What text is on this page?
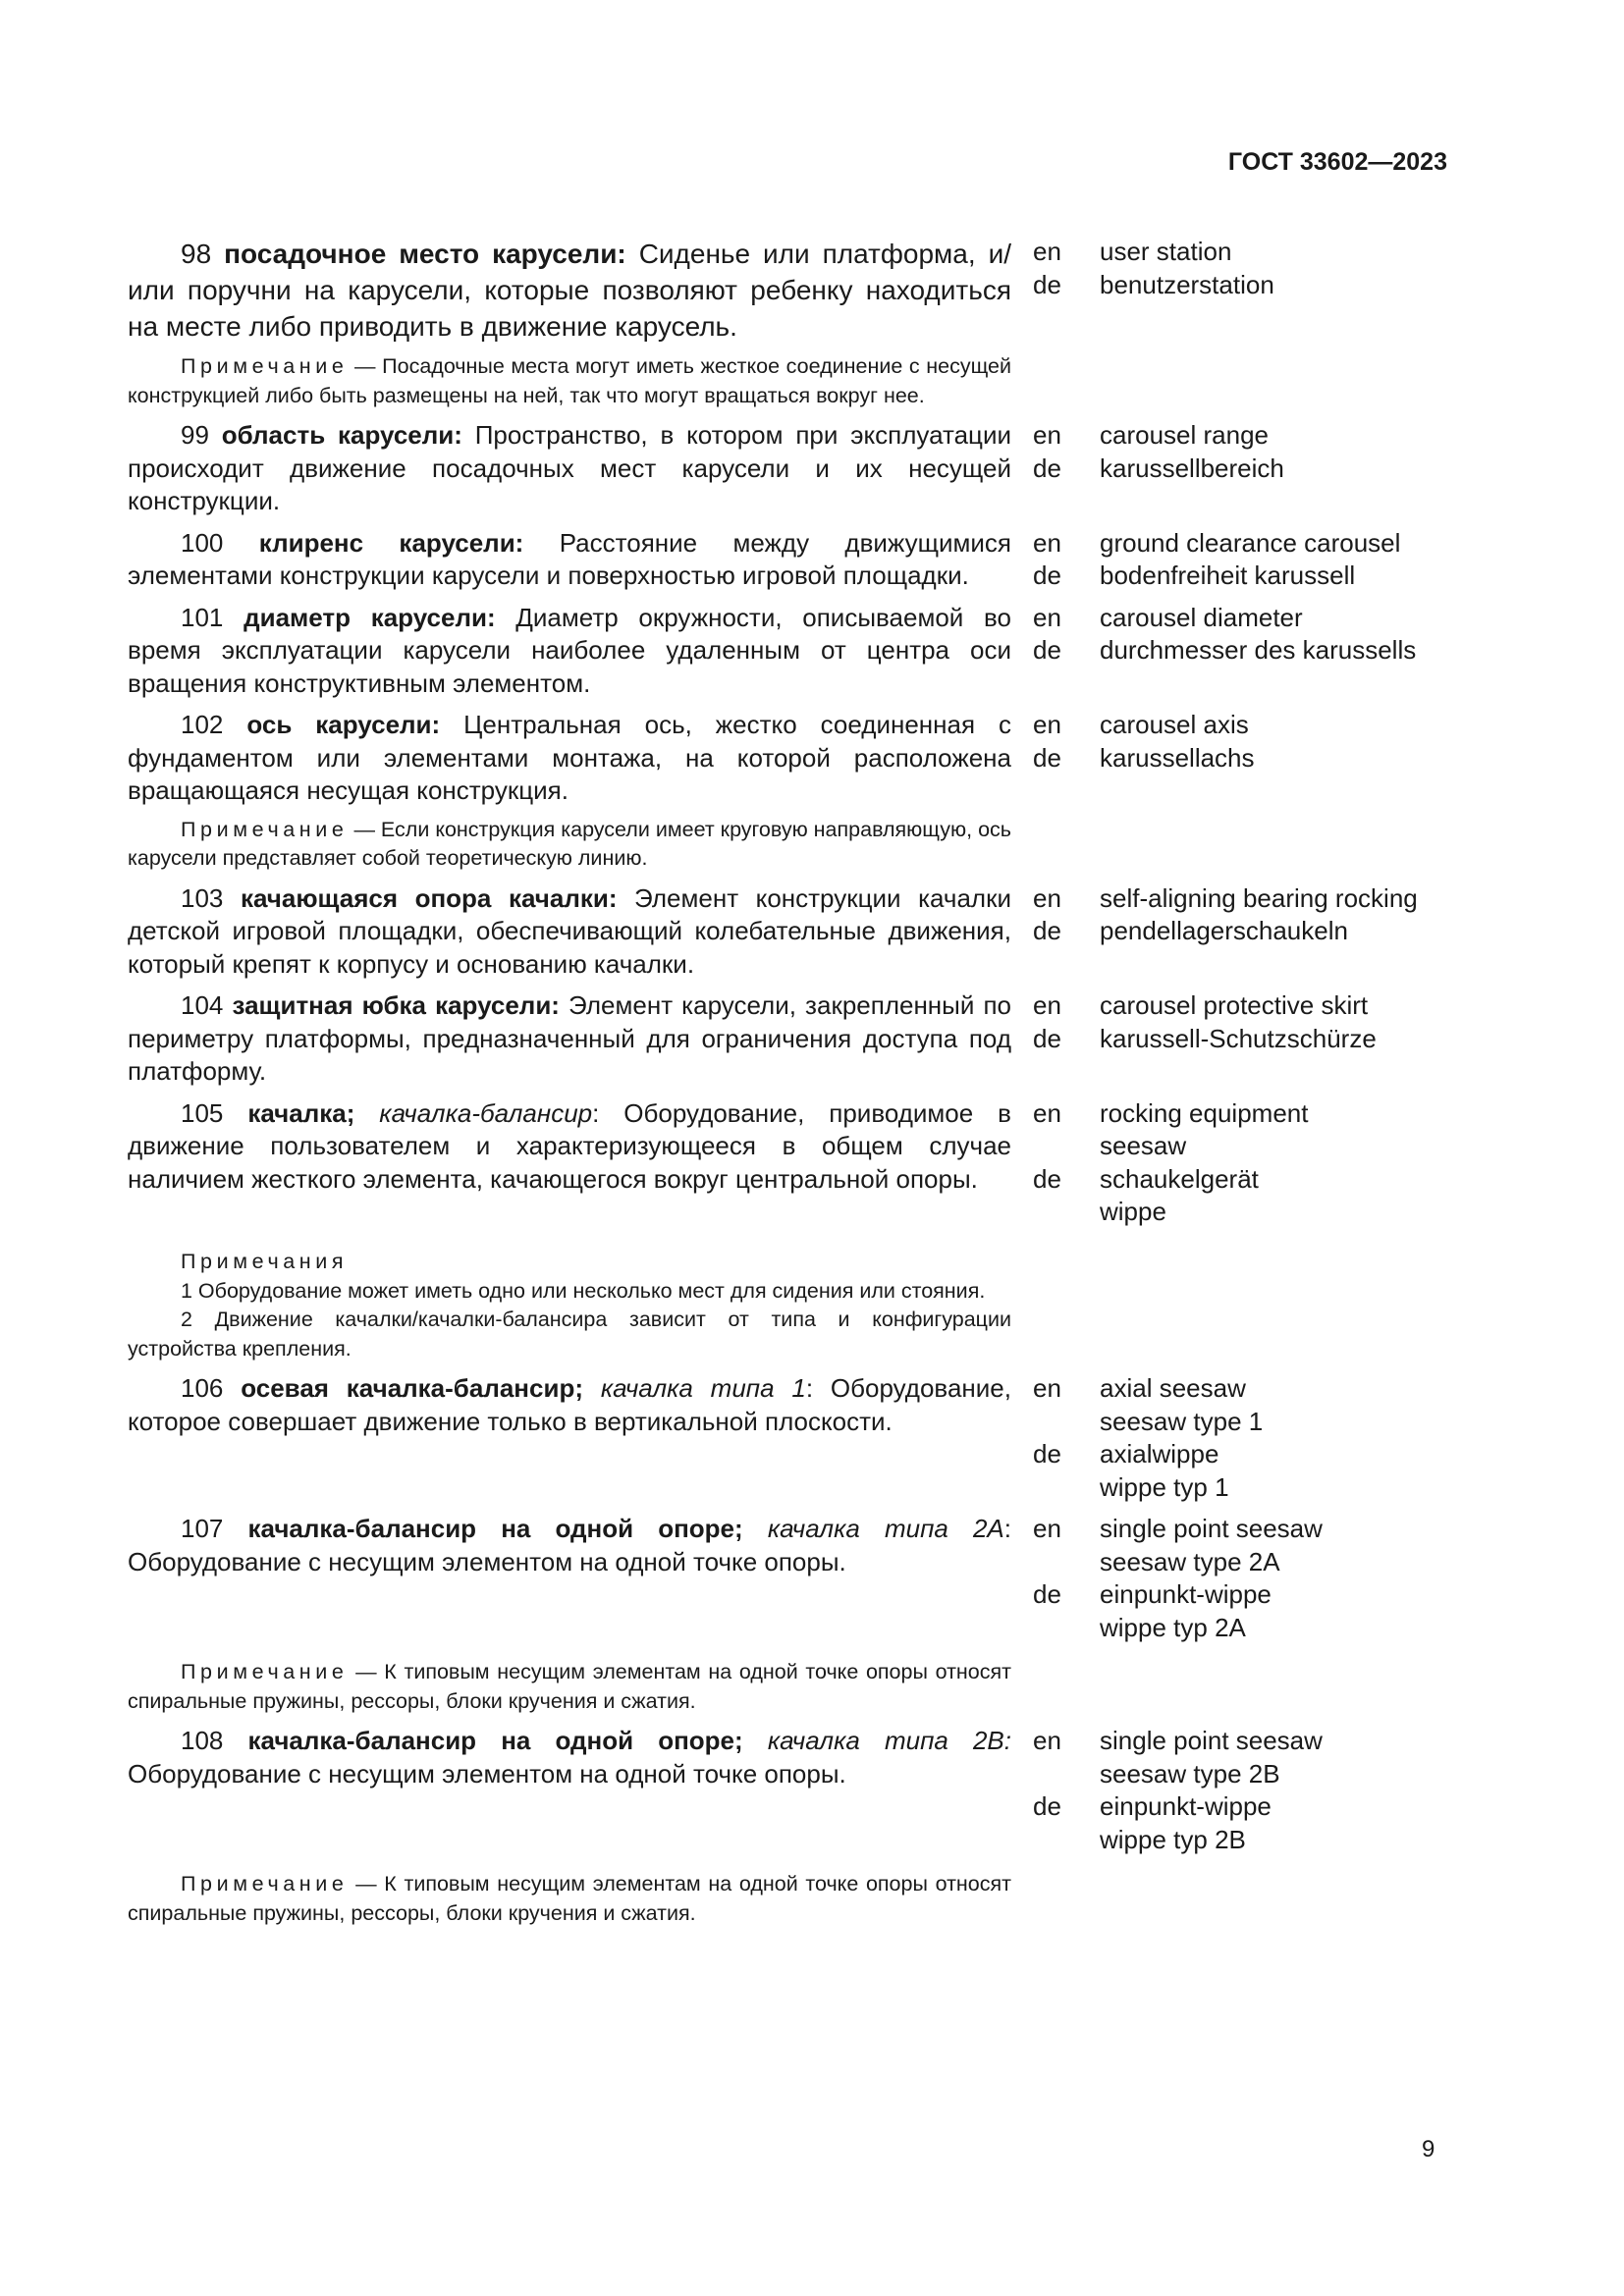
ГОСТ 33602—2023
98 посадочное место карусели: Сиденье или платформа, и/или поручни на карусели, которые позволяют ребенку находиться на месте либо приводить в движение карусель.
en	user station
de	benutzerstation
Примечание — Посадочные места могут иметь жесткое соединение с несущей конструкцией либо быть размещены на ней, так что могут вращаться вокруг нее.
99 область карусели: Пространство, в котором при эксплуатации происходит движение посадочных мест карусели и их несущей конструкции.
en	carousel range
de	karussellbereich
100 клиренс карусели: Расстояние между движущимися элементами конструкции карусели и поверхностью игровой площадки.
en	ground clearance carousel
de	bodenfreiheit karussell
101 диаметр карусели: Диаметр окружности, описываемой во время эксплуатации карусели наиболее удаленным от центра оси вращения конструктивным элементом.
en	carousel diameter
de	durchmesser des karussells
102 ось карусели: Центральная ось, жестко соединенная с фундаментом или элементами монтажа, на которой расположена вращающаяся несущая конструкция.
en	carousel axis
de	karussellachs
Примечание — Если конструкция карусели имеет круговую направляющую, ось карусели представляет собой теоретическую линию.
103 качающаяся опора качалки: Элемент конструкции качалки детской игровой площадки, обеспечивающий колебательные движения, который крепят к корпусу и основанию качалки.
en	self-aligning bearing rocking
de	pendellagerschaukeln
104 защитная юбка карусели: Элемент карусели, закрепленный по периметру платформы, предназначенный для ограничения доступа под платформу.
en	carousel protective skirt
de	karussell-Schutzschürze
105 качалка; качалка-балансир: Оборудование, приводимое в движение пользователем и характеризующееся в общем случае наличием жесткого элемента, качающегося вокруг центральной опоры.
en	rocking equipment
seesaw
de	schaukelgerät
wippe
Примечания
1 Оборудование может иметь одно или несколько мест для сидения или стояния.
2 Движение качалки/качалки-балансира зависит от типа и конфигурации устройства крепления.
106 осевая качалка-балансир; качалка типа 1: Оборудование, которое совершает движение только в вертикальной плоскости.
en	axial seesaw
seesaw type 1
de	axialwippe
wippe typ 1
107 качалка-балансир на одной опоре; качалка типа 2А: Оборудование с несущим элементом на одной точке опоры.
en	single point seesaw
seesaw type 2A
de	einpunkt-wippe
wippe typ 2A
Примечание — К типовым несущим элементам на одной точке опоры относят спиральные пружины, рессоры, блоки кручения и сжатия.
108 качалка-балансир на одной опоре; качалка типа 2В: Оборудование с несущим элементом на одной точке опоры.
en	single point seesaw
seesaw type 2B
de	einpunkt-wippe
wippe typ 2B
Примечание — К типовым несущим элементам на одной точке опоры относят спиральные пружины, рессоры, блоки кручения и сжатия.
9
